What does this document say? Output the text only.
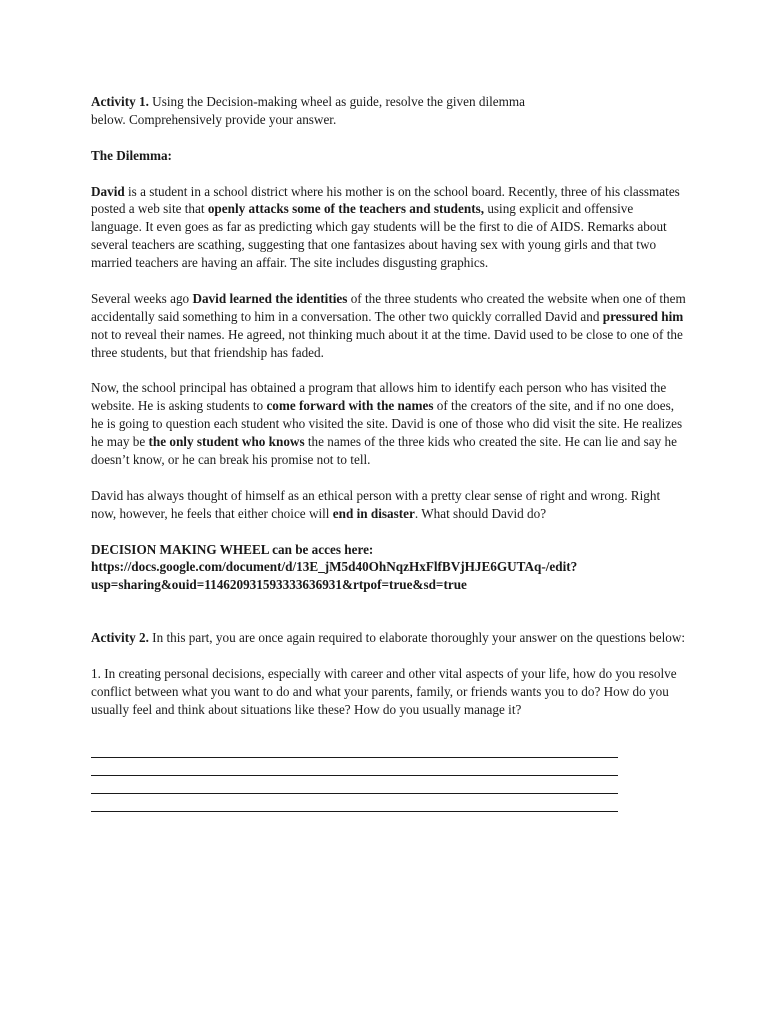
Activity 1. Using the Decision-making wheel as guide, resolve the given dilemma
below. Comprehensively provide your answer.

The Dilemma:

David is a student in a school district where his mother is on the school board. Recently, three of his classmates posted a web site that openly attacks some of the teachers and students, using explicit and offensive language. It even goes as far as predicting which gay students will be the first to die of AIDS. Remarks about several teachers are scathing, suggesting that one fantasizes about having sex with young girls and that two married teachers are having an affair. The site includes disgusting graphics.

Several weeks ago David learned the identities of the three students who created the website when one of them accidentally said something to him in a conversation. The other two quickly corralled David and pressured him not to reveal their names. He agreed, not thinking much about it at the time. David used to be close to one of the three students, but that friendship has faded.

Now, the school principal has obtained a program that allows him to identify each person who has visited the website. He is asking students to come forward with the names of the creators of the site, and if no one does, he is going to question each student who visited the site. David is one of those who did visit the site. He realizes he may be the only student who knows the names of the three kids who created the site. He can lie and say he doesn’t know, or he can break his promise not to tell.

David has always thought of himself as an ethical person with a pretty clear sense of right and wrong. Right now, however, he feels that either choice will end in disaster. What should David do?

DECISION MAKING WHEEL can be acces here:
https://docs.google.com/document/d/13E_jM5d40OhNqzHxFlfBVjHJE6GUTAq-/edit?
usp=sharing&ouid=114620931593333636931&rtpof=true&sd=true

Activity 2. In this part, you are once again required to elaborate thoroughly your answer on the questions below:

1. In creating personal decisions, especially with career and other vital aspects of your life, how do you resolve conflict between what you want to do and what your parents, family, or friends wants you to do? How do you usually feel and think about situations like these? How do you usually manage it?
